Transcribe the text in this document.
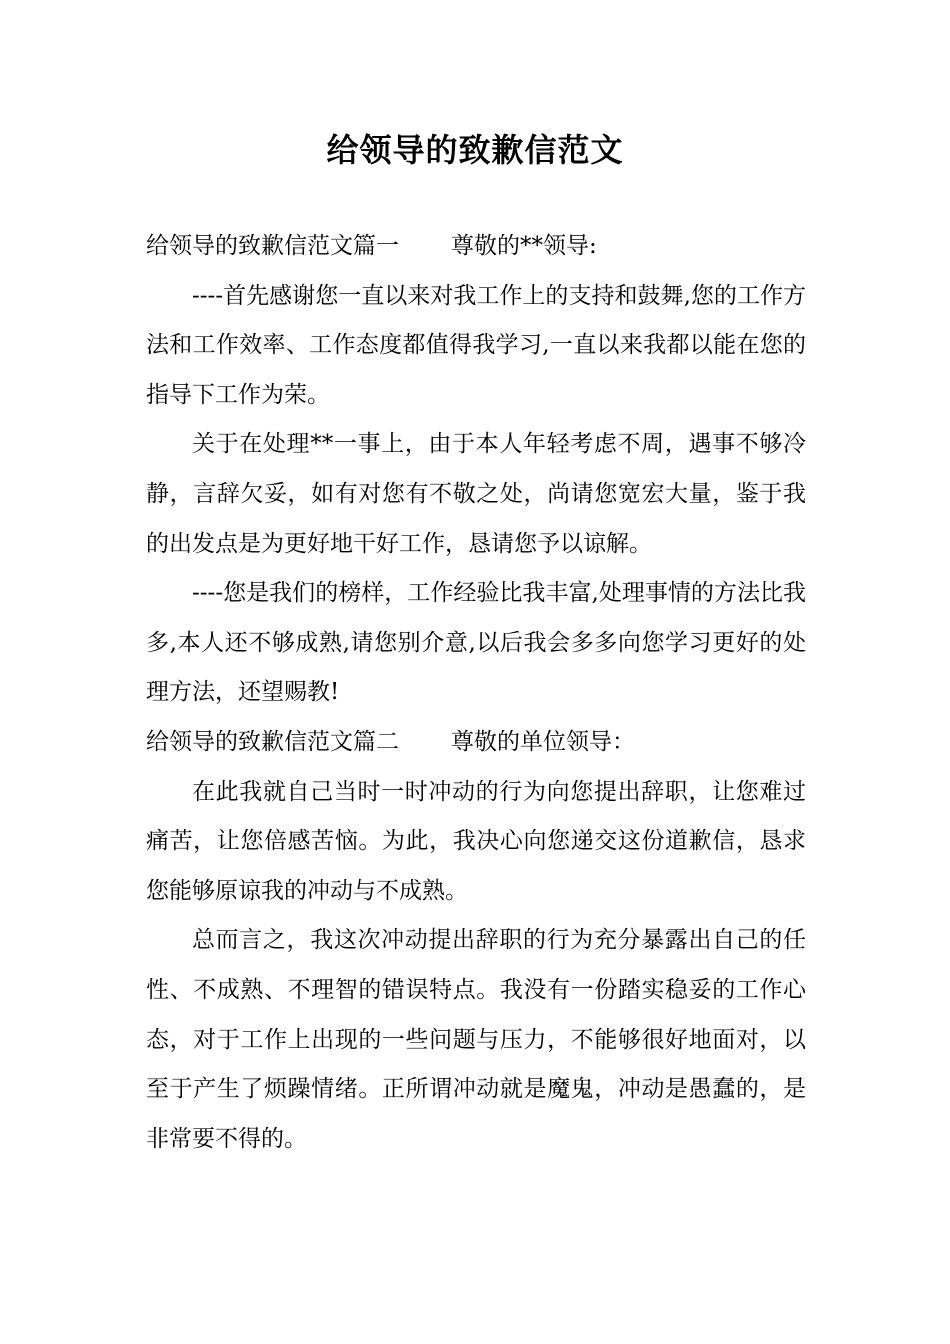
给领导的致歉信范文

给领导的致歉信范文篇一 尊敬的**领导:

----首先感谢您一直以来对我工作上的支持和鼓舞,您的工作方法和工作效率、工作态度都值得我学习,一直以来我都以能在您的指导下工作为荣。

关于在处理**一事上，由于本人年轻考虑不周，遇事不够冷静，言辞欠妥，如有对您有不敬之处，尚请您宽宏大量，鉴于我的出发点是为更好地干好工作，恳请您予以谅解。

----您是我们的榜样，工作经验比我丰富,处理事情的方法比我多,本人还不够成熟,请您别介意,以后我会多多向您学习更好的处理方法，还望赐教!

给领导的致歉信范文篇二 尊敬的单位领导：

在此我就自己当时一时冲动的行为向您提出辞职，让您难过痛苦，让您倍感苦恼。为此，我决心向您递交这份道歉信，恳求您能够原谅我的冲动与不成熟。

总而言之，我这次冲动提出辞职的行为充分暴露出自己的任性、不成熟、不理智的错误特点。我没有一份踏实稳妥的工作心态，对于工作上出现的一些问题与压力，不能够很好地面对，以至于产生了烦躁情绪。正所谓冲动就是魔鬼，冲动是愚蠢的，是非常要不得的。
